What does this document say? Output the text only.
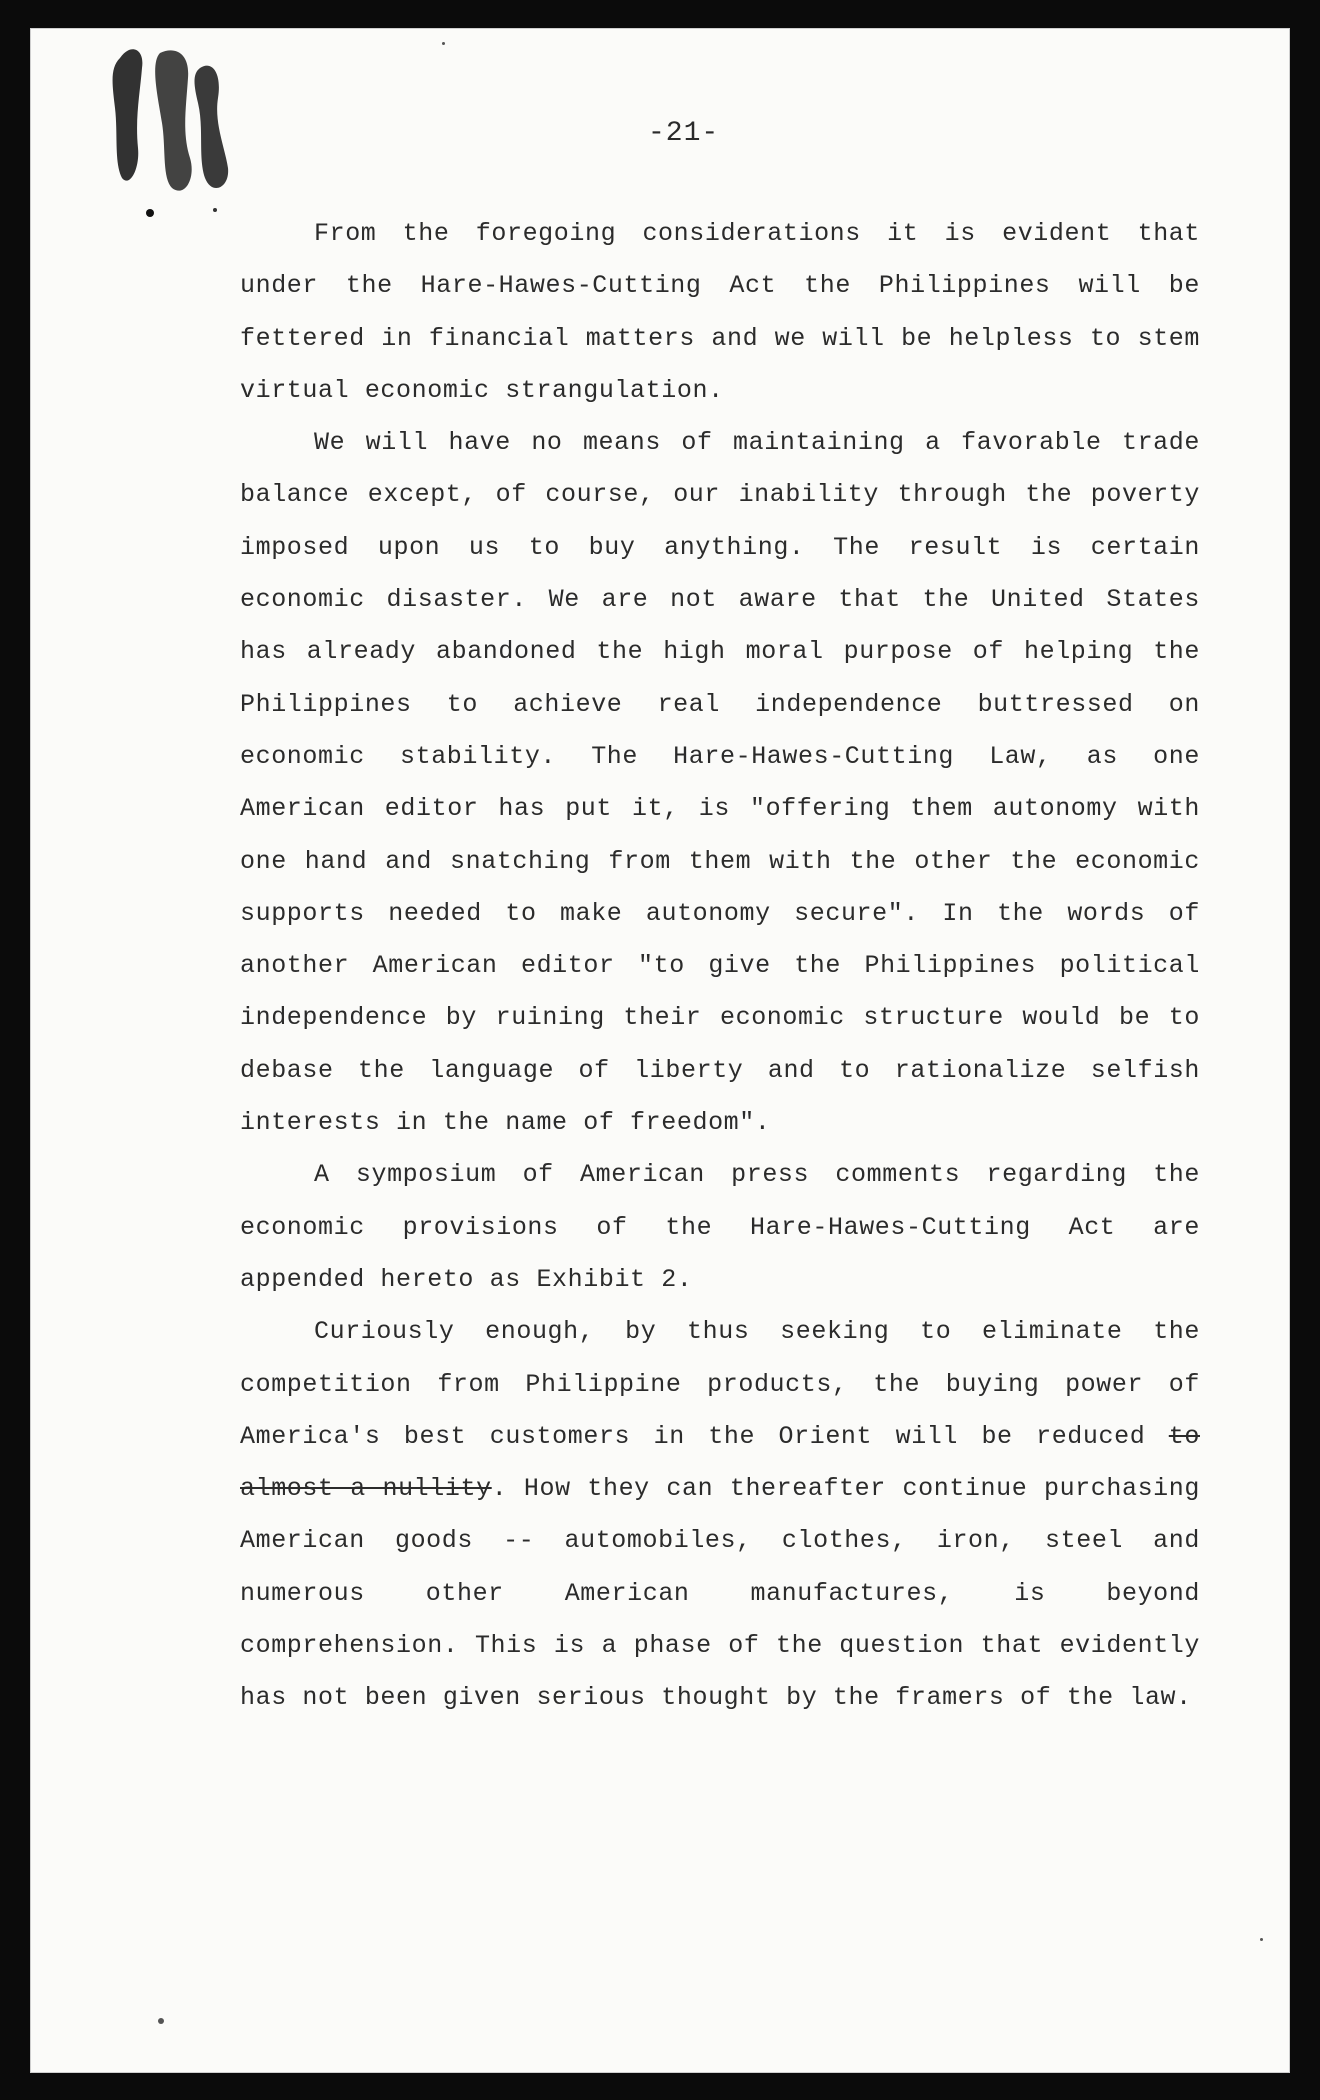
-21-

From the foregoing considerations it is evident that under the Hare-Hawes-Cutting Act the Philippines will be fettered in financial matters and we will be helpless to stem virtual economic strangulation.

We will have no means of maintaining a favorable trade balance except, of course, our inability through the poverty imposed upon us to buy anything. The result is certain economic disaster. We are not aware that the United States has already abandoned the high moral purpose of helping the Philippines to achieve real independence buttressed on economic stability. The Hare-Hawes-Cutting Law, as one American editor has put it, is "offering them autonomy with one hand and snatching from them with the other the economic supports needed to make autonomy secure". In the words of another American editor "to give the Philippines political independence by ruining their economic structure would be to debase the language of liberty and to rationalize selfish interests in the name of freedom".

A symposium of American press comments regarding the economic provisions of the Hare-Hawes-Cutting Act are appended hereto as Exhibit 2.

Curiously enough, by thus seeking to eliminate the competition from Philippine products, the buying power of America's best customers in the Orient will be reduced to almost a nullity. How they can thereafter continue purchasing American goods -- automobiles, clothes, iron, steel and numerous other American manufactures, is beyond comprehension. This is a phase of the question that evidently has not been given serious thought by the framers of the law.
